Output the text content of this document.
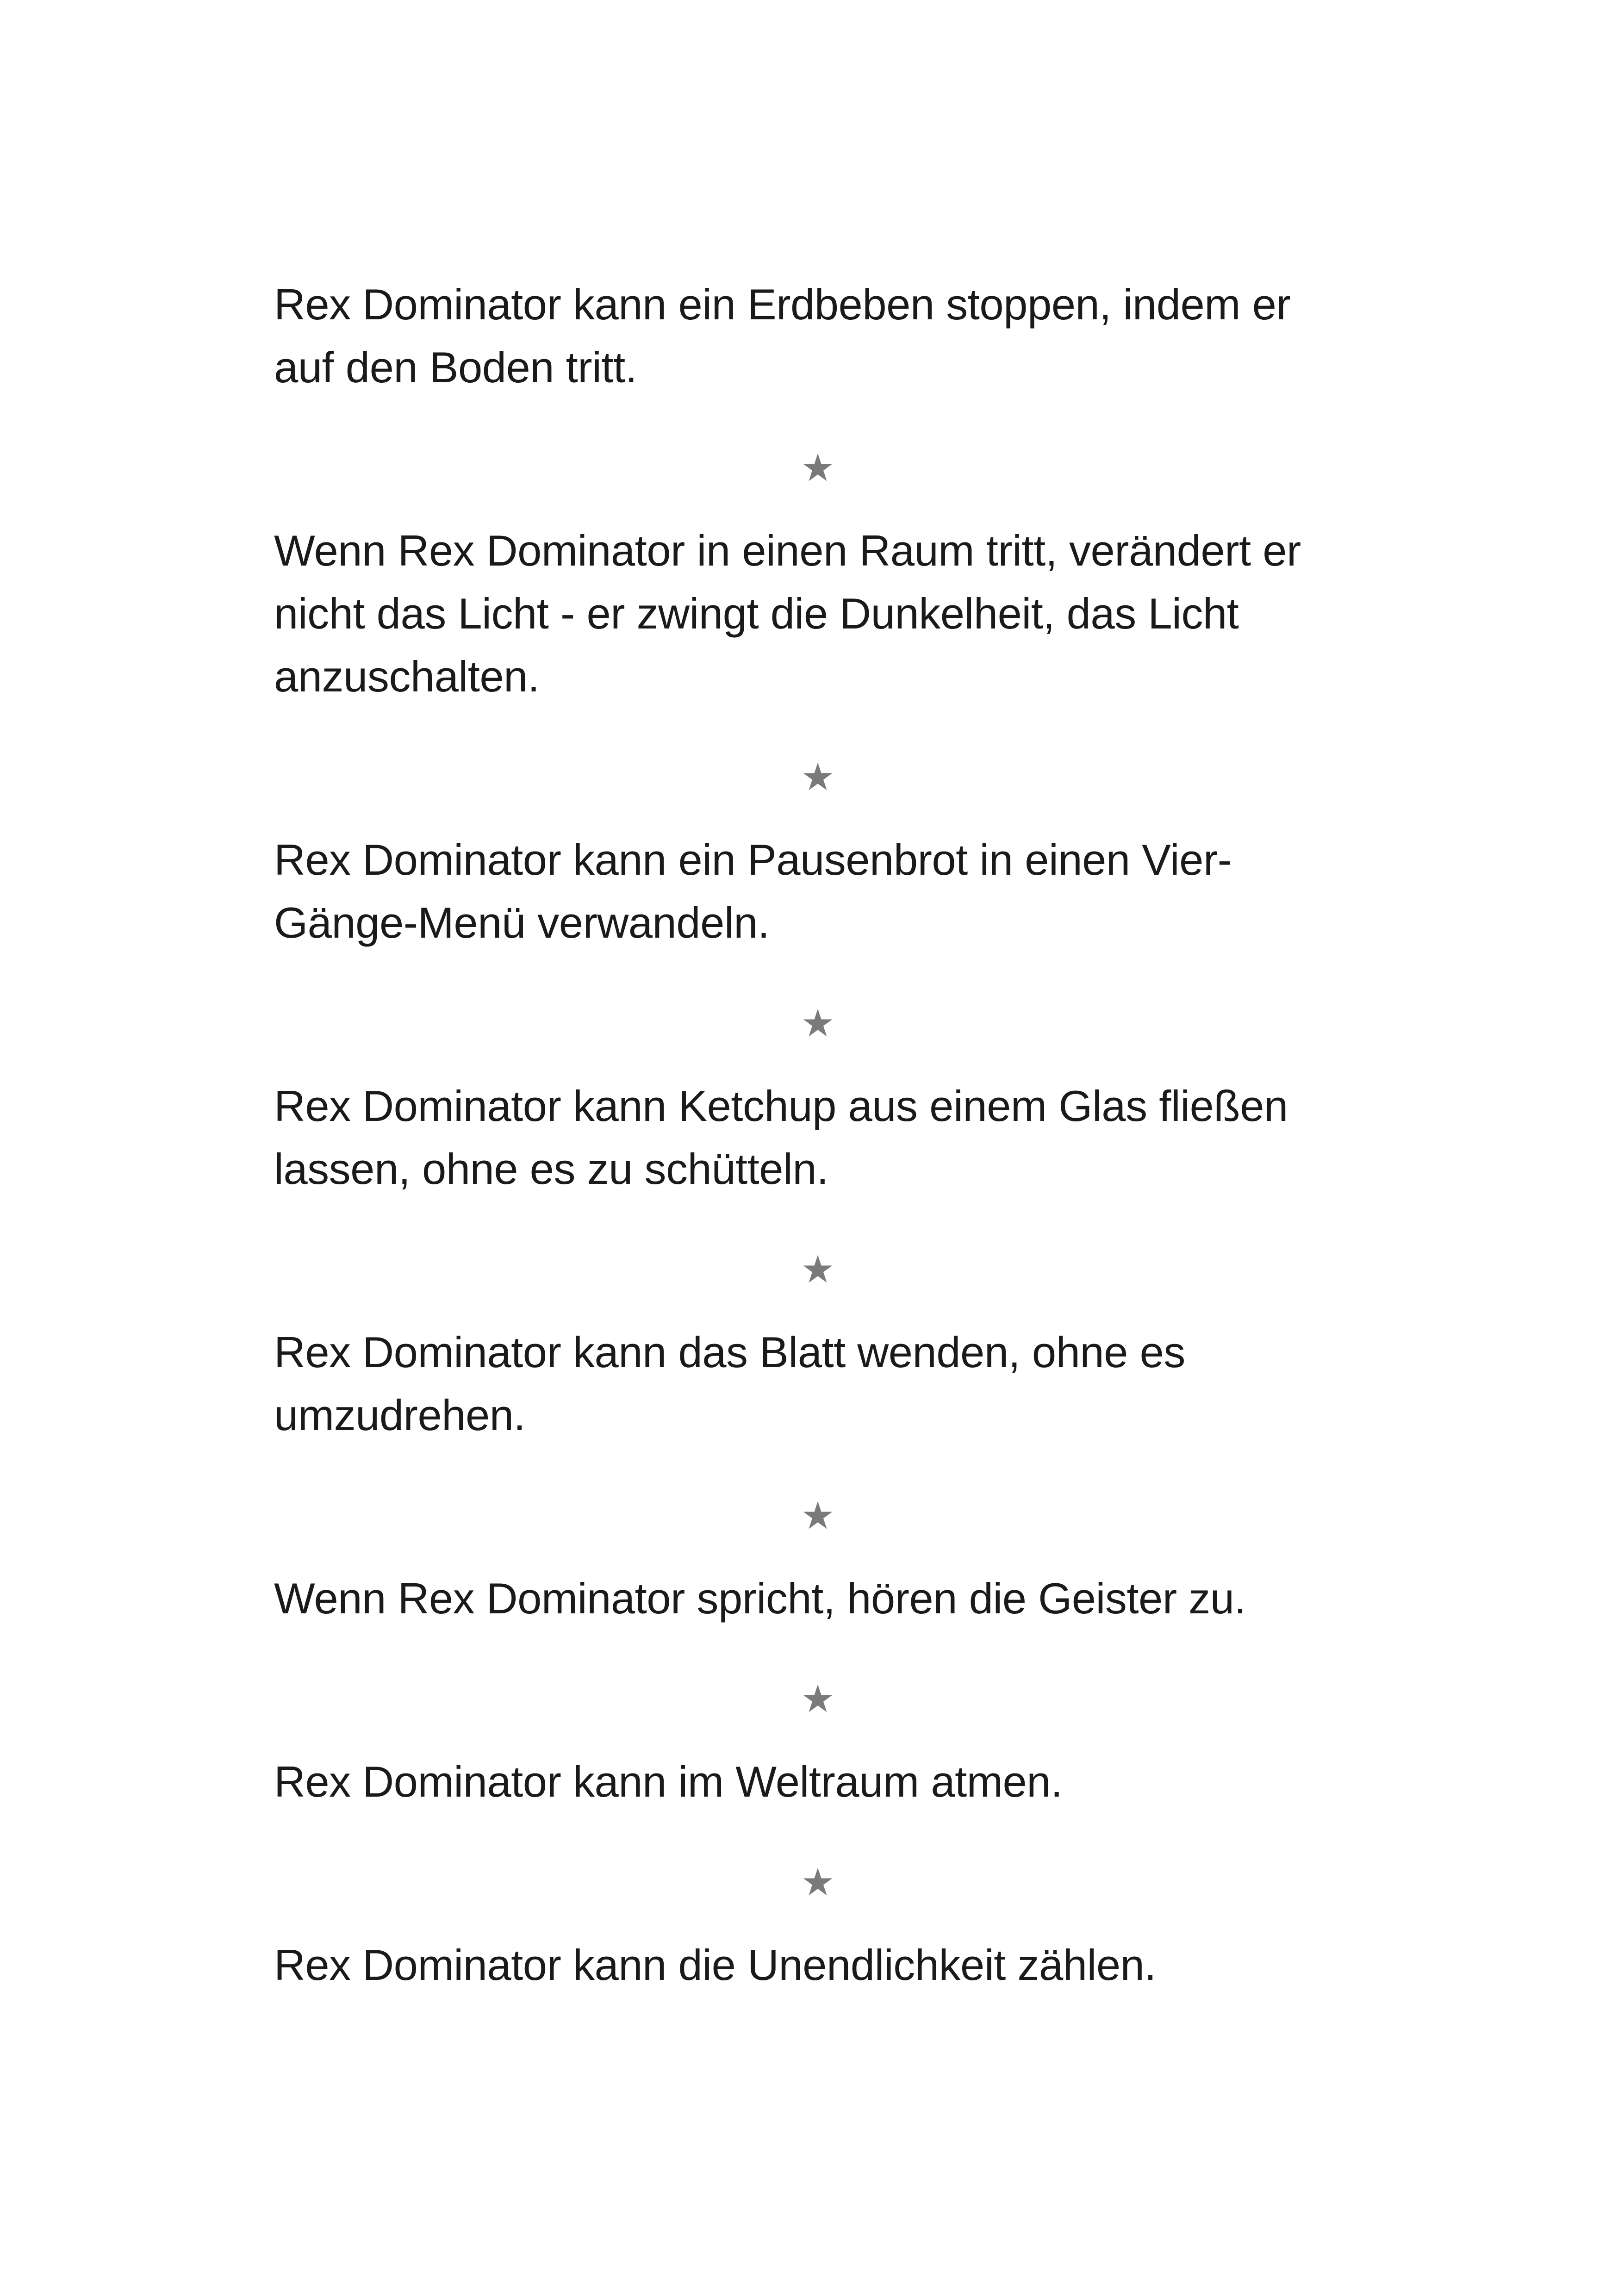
Rex Dominator kann ein Erdbeben stoppen, indem er auf den Boden tritt.

★

Wenn Rex Dominator in einen Raum tritt, verändert er nicht das Licht - er zwingt die Dunkelheit, das Licht anzuschalten.

★

Rex Dominator kann ein Pausenbrot in einen Vier-Gänge-Menü verwandeln.

★

Rex Dominator kann Ketchup aus einem Glas fließen lassen, ohne es zu schütteln.

★

Rex Dominator kann das Blatt wenden, ohne es umzudrehen.

★

Wenn Rex Dominator spricht, hören die Geister zu.

★

Rex Dominator kann im Weltraum atmen.

★

Rex Dominator kann die Unendlichkeit zählen.
